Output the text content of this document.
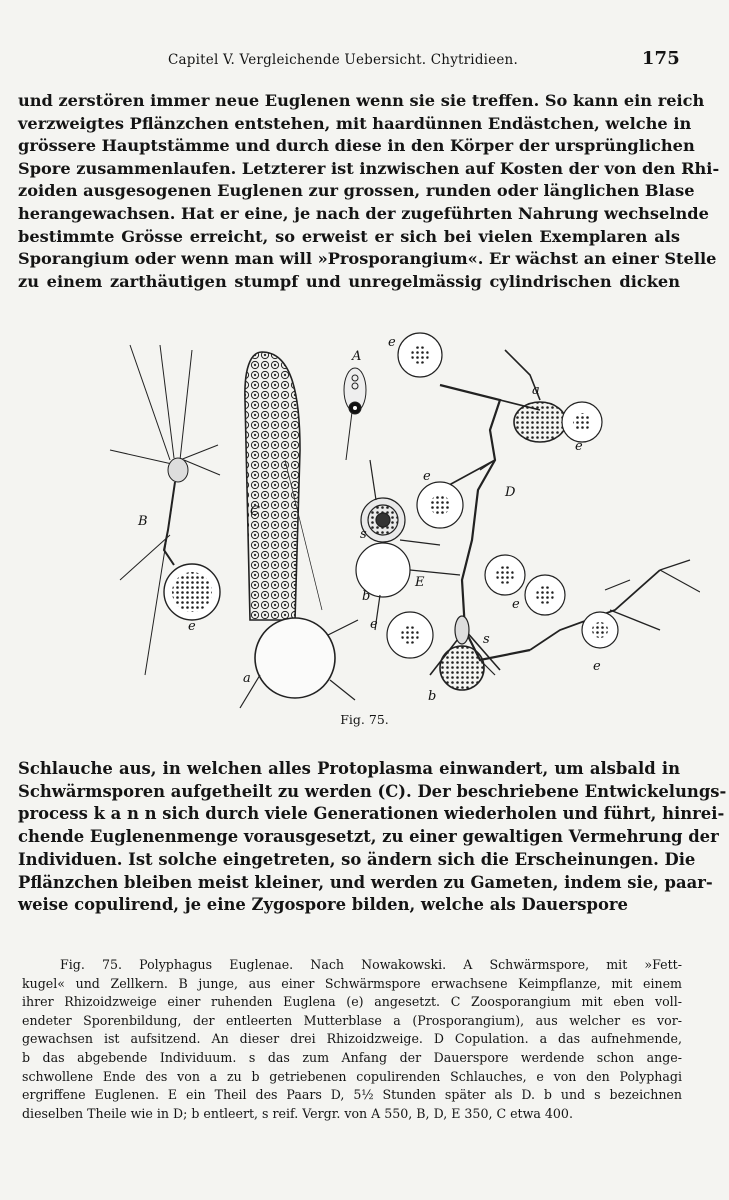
Capitel V. Vergleichende Uebersicht. Chytridieen.	175
und zerstören immer neue Euglenen wenn sie sie treffen. So kann ein reich
verzweigtes Pflänzchen entstehen, mit haardünnen Endästchen, welche in
grössere Hauptstämme und durch diese in den Körper der ursprünglichen
Spore zusammenlaufen. Letzterer ist inzwischen auf Kosten der von den Rhi-
zoiden ausgesogenen Euglenen zur grossen, runden oder länglichen Blase
herangewachsen. Hat er eine, je nach der zugeführten Nahrung wechselnde
bestimmte Grösse erreicht, so erweist er sich bei vielen Exemplaren als
Sporangium oder wenn man will »Prosporangium«. Er wächst an einer Stelle
zu einem zarthäutigen stumpf und unregelmässig cylindrischen dicken
A
B
C
D
E
a
a
b
b
e
e
e
e	e
e
e
s
s
Fig. 75.
Schlauche aus, in welchen alles Protoplasma einwandert, um alsbald in
Schwärmsporen aufgetheilt zu werden (C). Der beschriebene Entwickelungs-
process k a n n sich durch viele Generationen wiederholen und führt, hinrei-
chende Euglenenmenge vorausgesetzt, zu einer gewaltigen Vermehrung der
Individuen. Ist solche eingetreten, so ändern sich die Erscheinungen. Die
Pflänzchen bleiben meist kleiner, und werden zu Gameten, indem sie, paar-
weise copulirend, je eine Zygospore bilden, welche als Dauerspore
Fig. 75. Polyphagus Euglenae. Nach Nowakowski. A Schwärmspore, mit »Fett-
kugel« und Zellkern. B junge, aus einer Schwärmspore erwachsene Keimpflanze, mit einem
ihrer Rhizoidzweige einer ruhenden Euglena (e) angesetzt. C Zoosporangium mit eben voll-
endeter Sporenbildung, der entleerten Mutterblase a (Prosporangium), aus welcher es vor-
gewachsen ist aufsitzend. An dieser drei Rhizoidzweige. D Copulation. a das aufnehmende,
b das abgebende Individuum. s das zum Anfang der Dauerspore werdende schon ange-
schwollene Ende des von a zu b getriebenen copulirenden Schlauches, e von den Polyphagi
ergriffene Euglenen. E ein Theil des Paars D, 5½ Stunden später als D. b und s bezeichnen
dieselben Theile wie in D; b entleert, s reif. Vergr. von A 550, B, D, E 350, C etwa 400.
